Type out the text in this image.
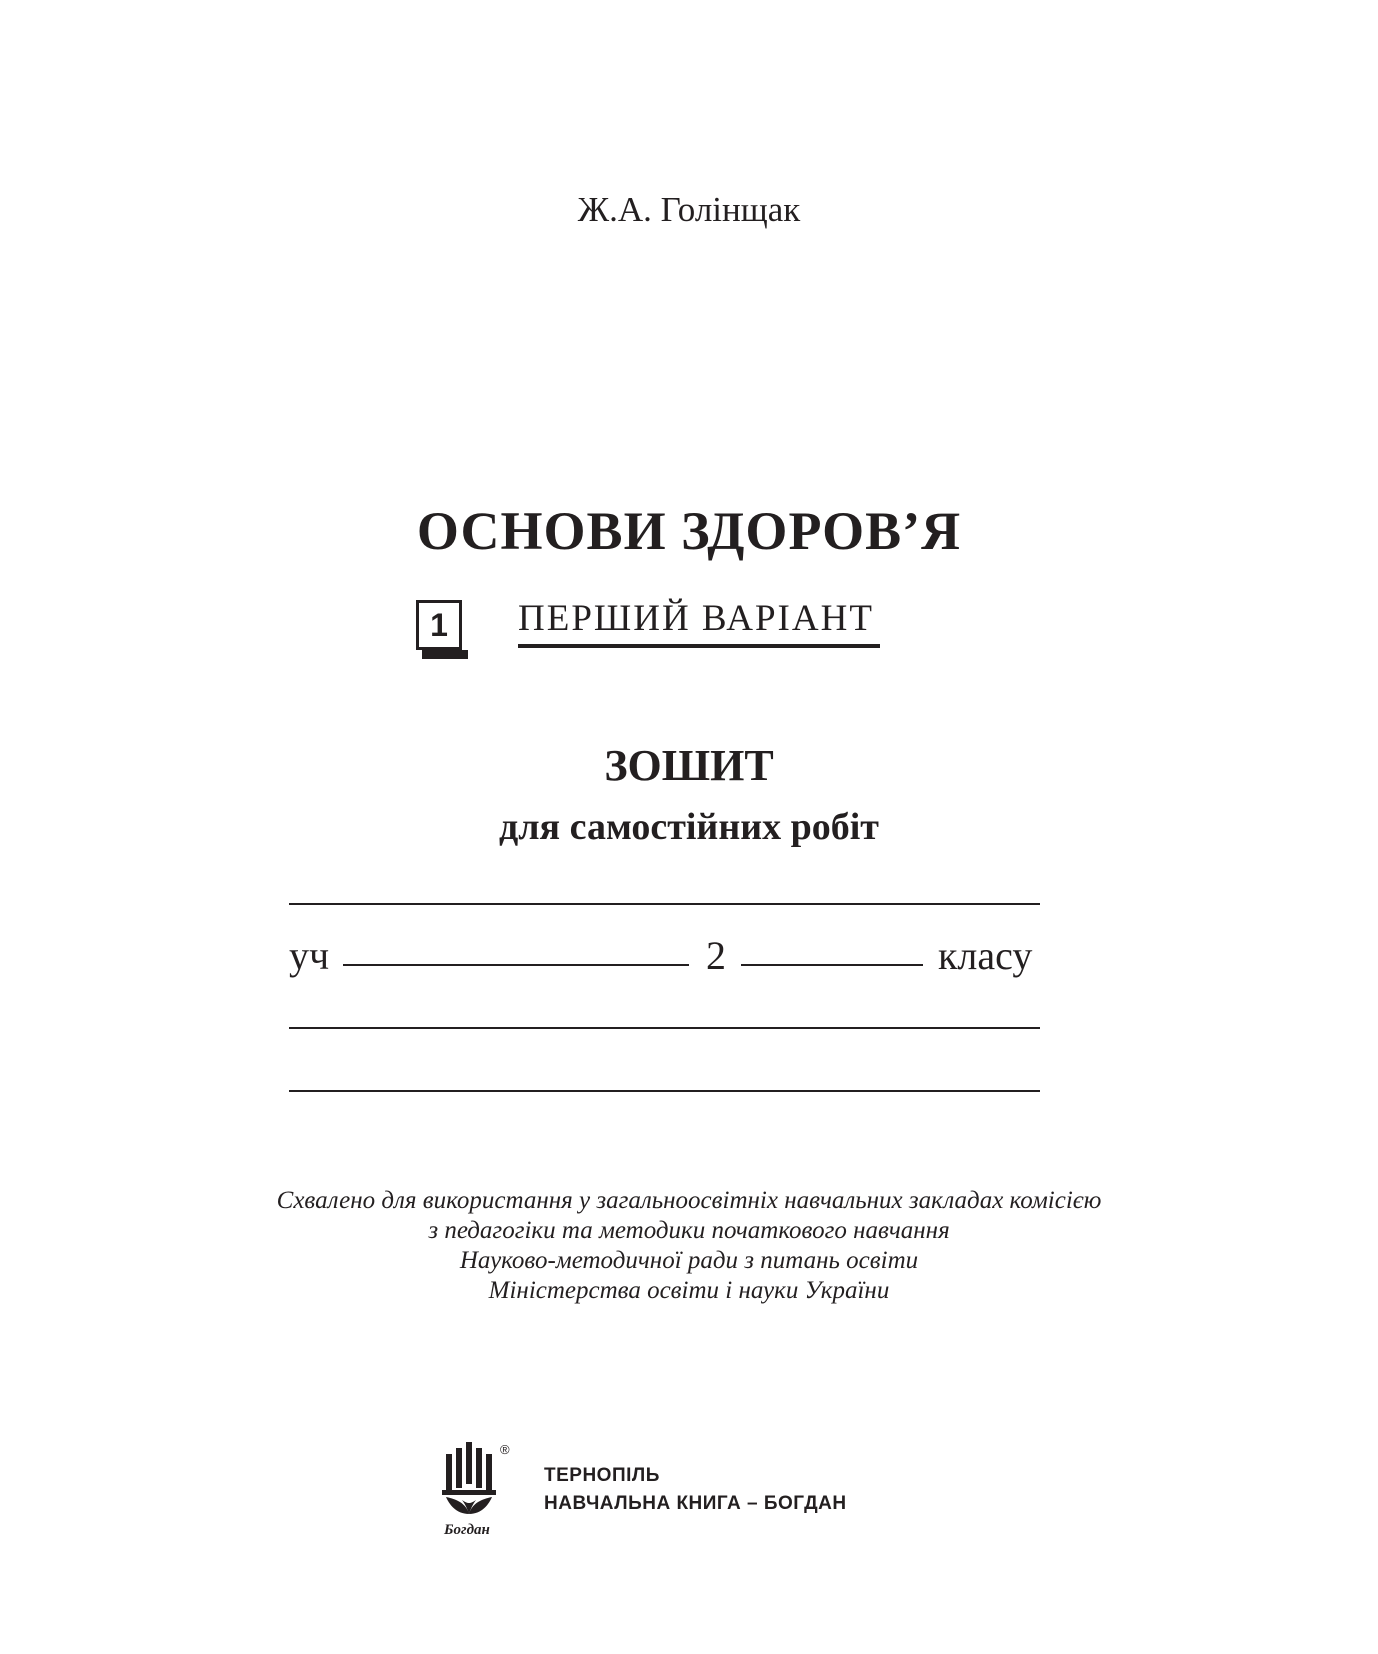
Ж.А. Голінщак
ОСНОВИ ЗДОРОВ’Я
1	ПЕРШИЙ ВАРІАНТ
ЗОШИТ
для самостійних робіт
уч	2	класу
Схвалено для використання у загальноосвітніх навчальних закладах комісією
з педагогіки та методики початкового навчання
Науково-методичної ради з питань освіти
Міністерства освіти і науки України
®
Богдан
ТЕРНОПІЛЬ
НАВЧАЛЬНА КНИГА – БОГДАН
